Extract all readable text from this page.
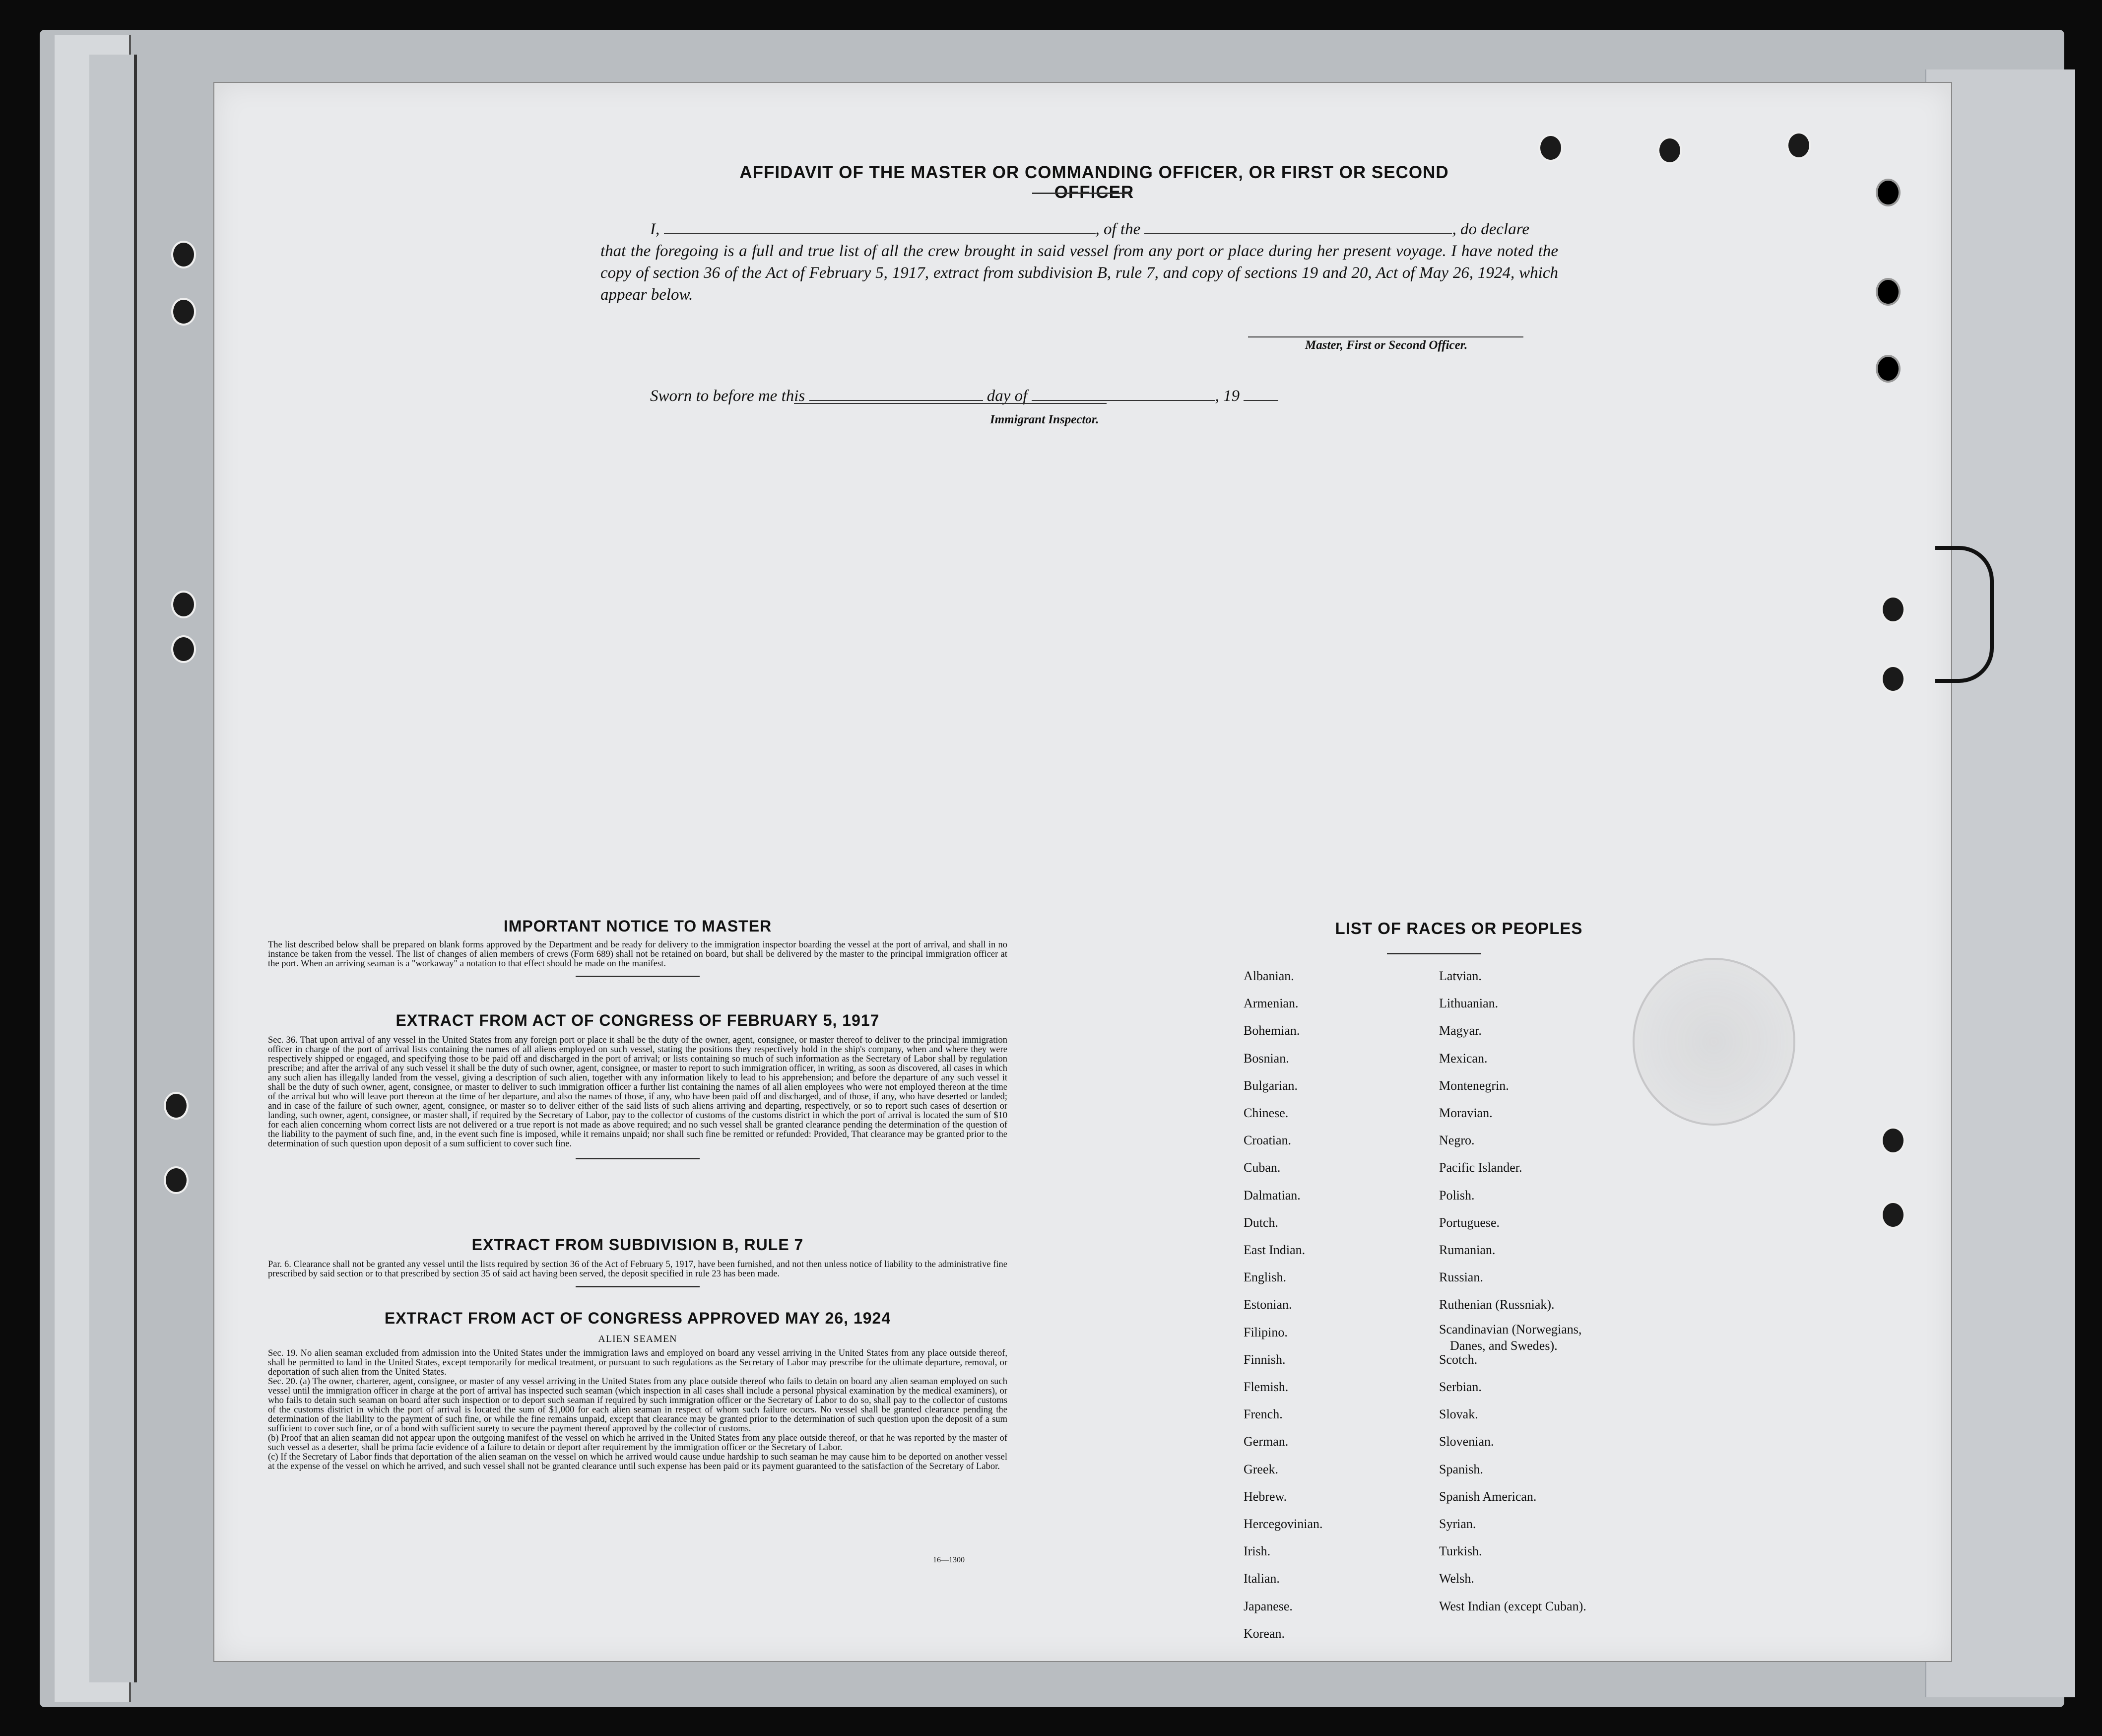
AFFIDAVIT OF THE MASTER OR COMMANDING OFFICER, OR FIRST OR SECOND OFFICER
I,	, of the	, do declare
that the foregoing is a full and true list of all the crew brought in said vessel from any port or place during her present voyage. I have noted the copy of section 36 of the Act of February 5, 1917, extract from subdivision B, rule 7, and copy of sections 19 and 20, Act of May 26, 1924, which appear below.
Master, First or Second Officer.
Sworn to before me this	day of	, 19
Immigrant Inspector.
IMPORTANT NOTICE TO MASTER
The list described below shall be prepared on blank forms approved by the Department and be ready for delivery to the immigration inspector boarding the vessel at the port of arrival, and shall in no instance be taken from the vessel. The list of changes of alien members of crews (Form 689) shall not be retained on board, but shall be delivered by the master to the principal immigration officer at the port. When an arriving seaman is a "workaway" a notation to that effect should be made on the manifest.
EXTRACT FROM ACT OF CONGRESS OF FEBRUARY 5, 1917
Sec. 36. That upon arrival of any vessel in the United States from any foreign port or place it shall be the duty of the owner, agent, consignee, or master thereof to deliver to the principal immigration officer in charge of the port of arrival lists containing the names of all aliens employed on such vessel, stating the positions they respectively hold in the ship's company, when and where they were respectively shipped or engaged, and specifying those to be paid off and discharged in the port of arrival; or lists containing so much of such information as the Secretary of Labor shall by regulation prescribe; and after the arrival of any such vessel it shall be the duty of such owner, agent, consignee, or master to report to such immigration officer, in writing, as soon as discovered, all cases in which any such alien has illegally landed from the vessel, giving a description of such alien, together with any information likely to lead to his apprehension; and before the departure of any such vessel it shall be the duty of such owner, agent, consignee, or master to deliver to such immigration officer a further list containing the names of all alien employees who were not employed thereon at the time of the arrival but who will leave port thereon at the time of her departure, and also the names of those, if any, who have been paid off and discharged, and of those, if any, who have deserted or landed; and in case of the failure of such owner, agent, consignee, or master so to deliver either of the said lists of such aliens arriving and departing, respectively, or so to report such cases of desertion or landing, such owner, agent, consignee, or master shall, if required by the Secretary of Labor, pay to the collector of customs of the customs district in which the port of arrival is located the sum of $10 for each alien concerning whom correct lists are not delivered or a true report is not made as above required; and no such vessel shall be granted clearance pending the determination of the question of the liability to the payment of such fine, and, in the event such fine is imposed, while it remains unpaid; nor shall such fine be remitted or refunded: Provided, That clearance may be granted prior to the determination of such question upon deposit of a sum sufficient to cover such fine.
EXTRACT FROM SUBDIVISION B, RULE 7
Par. 6. Clearance shall not be granted any vessel until the lists required by section 36 of the Act of February 5, 1917, have been furnished, and not then unless notice of liability to the administrative fine prescribed by said section or to that prescribed by section 35 of said act having been served, the deposit specified in rule 23 has been made.
EXTRACT FROM ACT OF CONGRESS APPROVED MAY 26, 1924
ALIEN SEAMEN
Sec. 19. No alien seaman excluded from admission into the United States under the immigration laws and employed on board any vessel arriving in the United States from any place outside thereof, shall be permitted to land in the United States, except temporarily for medical treatment, or pursuant to such regulations as the Secretary of Labor may prescribe for the ultimate departure, removal, or deportation of such alien from the United States.
Sec. 20. (a) The owner, charterer, agent, consignee, or master of any vessel arriving in the United States from any place outside thereof who fails to detain on board any alien seaman employed on such vessel until the immigration officer in charge at the port of arrival has inspected such seaman (which inspection in all cases shall include a personal physical examination by the medical examiners), or who fails to detain such seaman on board after such inspection or to deport such seaman if required by such immigration officer or the Secretary of Labor to do so, shall pay to the collector of customs of the customs district in which the port of arrival is located the sum of $1,000 for each alien seaman in respect of whom such failure occurs. No vessel shall be granted clearance pending the determination of the liability to the payment of such fine, or while the fine remains unpaid, except that clearance may be granted prior to the determination of such question upon the deposit of a sum sufficient to cover such fine, or of a bond with sufficient surety to secure the payment thereof approved by the collector of customs.
(b) Proof that an alien seaman did not appear upon the outgoing manifest of the vessel on which he arrived in the United States from any place outside thereof, or that he was reported by the master of such vessel as a deserter, shall be prima facie evidence of a failure to detain or deport after requirement by the immigration officer or the Secretary of Labor.
(c) If the Secretary of Labor finds that deportation of the alien seaman on the vessel on which he arrived would cause undue hardship to such seaman he may cause him to be deported on another vessel at the expense of the vessel on which he arrived, and such vessel shall not be granted clearance until such expense has been paid or its payment guaranteed to the satisfaction of the Secretary of Labor.
16—1300
LIST OF RACES OR PEOPLES
Albanian.
Armenian.
Bohemian.
Bosnian.
Bulgarian.
Chinese.
Croatian.
Cuban.
Dalmatian.
Dutch.
East Indian.
English.
Estonian.
Filipino.
Finnish.
Flemish.
French.
German.
Greek.
Hebrew.
Hercegovinian.
Irish.
Italian.
Japanese.
Korean.
Latvian.
Lithuanian.
Magyar.
Mexican.
Montenegrin.
Moravian.
Negro.
Pacific Islander.
Polish.
Portuguese.
Rumanian.
Russian.
Ruthenian (Russniak).
Scandinavian (Norwegians,
Danes, and Swedes).
Scotch.
Serbian.
Slovak.
Slovenian.
Spanish.
Spanish American.
Syrian.
Turkish.
Welsh.
West Indian (except Cuban).
